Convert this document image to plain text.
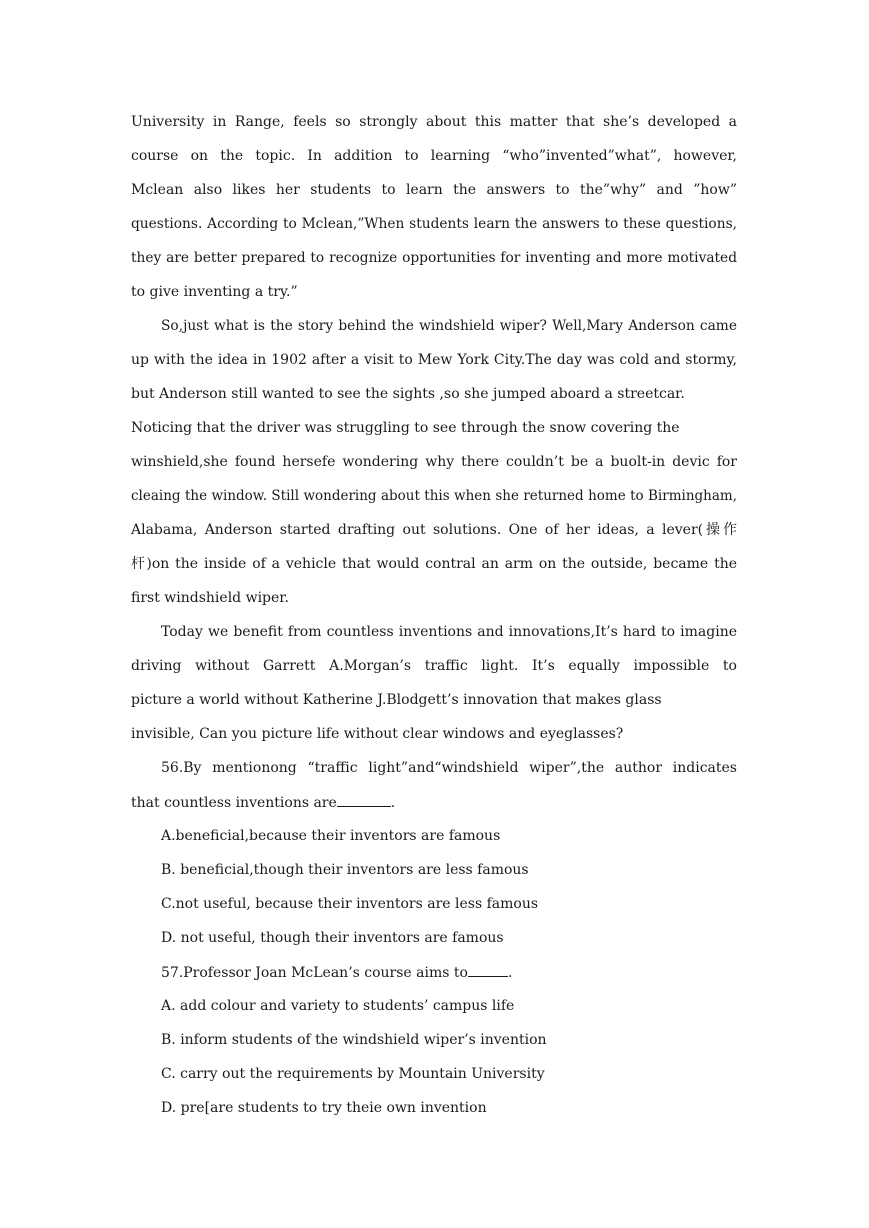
University in Range, feels so strongly about this matter that she’s developed a
course on the topic. In addition to learning “who”invented”what”, however,
Mclean also likes her students to learn the answers to the”why” and ”how”
questions. According to Mclean,”When students learn the answers to these questions,
they are better prepared to recognize opportunities for inventing and more motivated
to give inventing a try.”
So,just what is the story behind the windshield wiper? Well,Mary Anderson came
up with the idea in 1902 after a visit to Mew York City.The day was cold and stormy,
but Anderson still wanted to see the sights ,so she jumped aboard a streetcar.
Noticing that the driver was struggling to see through the snow covering the
winshield,she found hersefe wondering why there couldn’t be a buolt-in devic for
cleaing the window. Still wondering about this when she returned home to Birmingham,
Alabama, Anderson started drafting out solutions. One of her ideas, a lever(操作
杆)on the inside of a vehicle that would contral an arm on the outside, became the
first windshield wiper.
Today we benefit from countless inventions and innovations,It’s hard to imagine
driving without Garrett A.Morgan’s traffic light. It’s equally impossible to
picture a world without Katherine J.Blodgett’s innovation that makes glass
invisible, Can you picture life without clear windows and eyeglasses?
56.By mentionong “traffic light”and“windshield wiper”,the author indicates
that countless inventions are	.
A.beneficial,because their inventors are famous
B. beneficial,though their inventors are less famous
C.not useful, because their inventors are less famous
D. not useful, though their inventors are famous
57.Professor Joan McLean’s course aims to	.
A. add colour and variety to students’ campus life
B. inform students of the windshield wiper’s invention
C. carry out the requirements by Mountain University
D. pre[are students to try theie own invention
